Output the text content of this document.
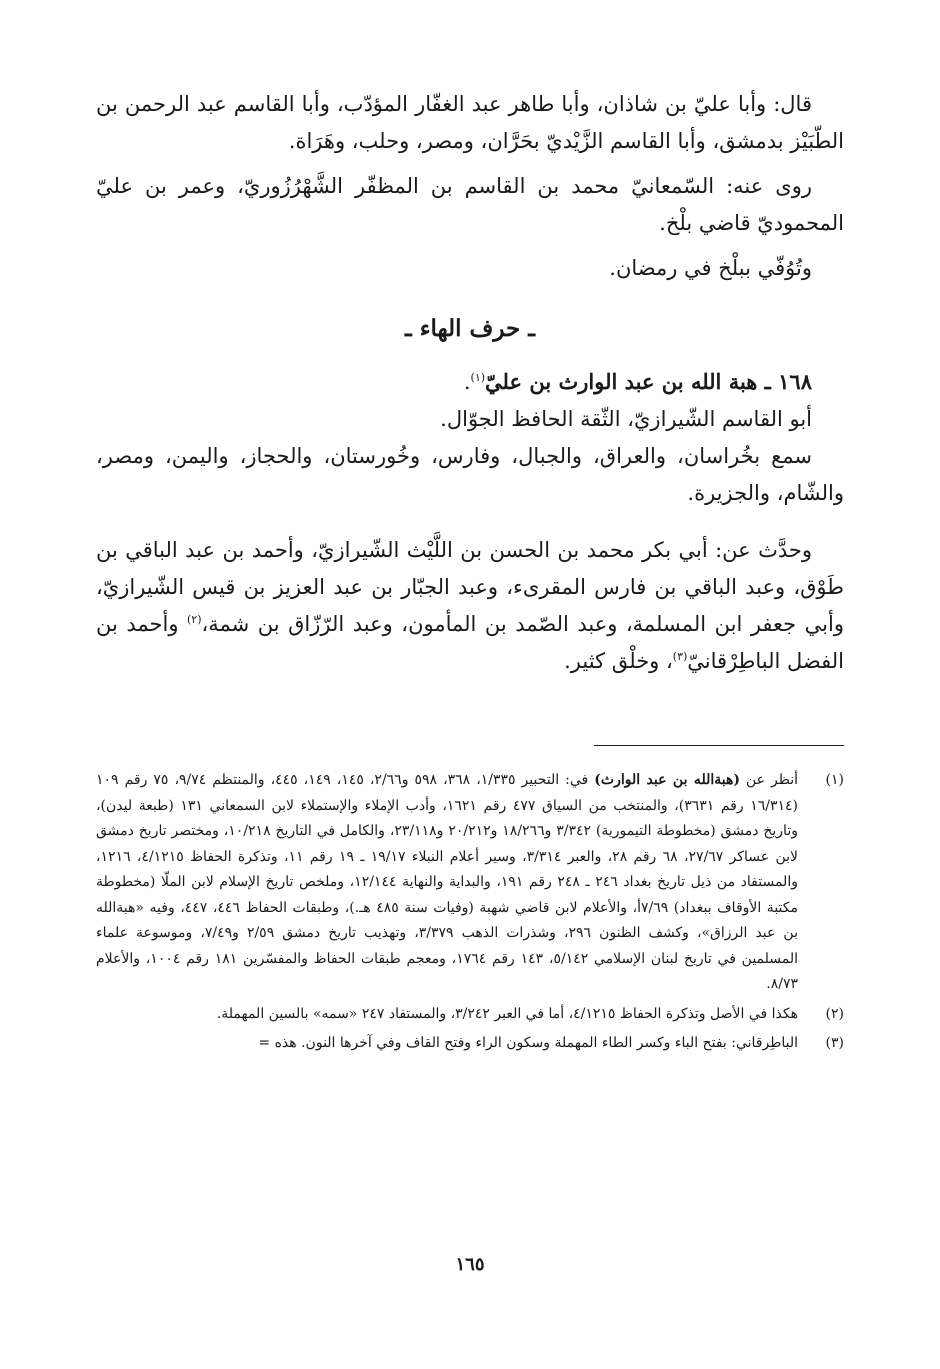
قال: وأبا عليّ بن شاذان، وأبا طاهر عبد الغفّار المؤدّب، وأبا القاسم عبد الرحمن بن الطّبَيْز بدمشق، وأبا القاسم الزَّيْديّ بحَرَّان، ومصر، وحلب، وهَرَاة.

روى عنه: السّمعانيّ محمد بن القاسم بن المظفّر الشَّهْرُزُوريّ، وعمر بن عليّ المحموديّ قاضي بلْخ.

وتُوُفّي ببلْخ في رمضان.

ـ حرف الهاء ـ

١٦٨ ـ هبة الله بن عبد الوارث بن عليّ$^{(١)}$.

أبو القاسم الشّيرازيّ، الثّقة الحافظ الجوّال.

سمع بخُراسان، والعراق، والجبال، وفارس، وخُورستان، والحجاز، واليمن، ومصر، والشّام، والجزيرة.

وحدَّث عن: أبي بكر محمد بن الحسن بن اللَّيْث الشّيرازيّ، وأحمد بن عبد الباقي بن طَوْق، وعبد الباقي بن فارس المقرىء، وعبد الجبّار بن عبد العزيز بن قيس الشّيرازيّ، وأبي جعفر ابن المسلمة، وعبد الصّمد بن المأمون، وعبد الرّزّاق بن شمة،$^{(٢)}$ وأحمد بن الفضل الباطِرْقانيّ$^{(٣)}$، وخلْق كثير.

(١)
أنظر عن (هبةالله بن عبد الوارث) في: التحبير ١/٣٣٥، ٣٦٨، ٥٩٨ و٢/٦٦، ١٤٥، ١٤٩، ٤٤٥، والمنتظم ٩/٧٤، ٧٥ رقم ١٠٩ (١٦/٣١٤ رقم ٣٦٣١)، والمنتخب من السياق ٤٧٧ رقم ١٦٢١، وأدب الإملاء والإستملاء لابن السمعاني ١٣١ (طبعة ليدن)، وتاريخ دمشق (مخطوطة التيمورية) ٣/٣٤٢ و١٨/٢٦٦ و٢٠/٢١٢ و٢٣/١١٨، والكامل في التاريخ ١٠/٢١٨، ومختصر تاريخ دمشق لابن عساكر ٢٧/٦٧، ٦٨ رقم ٢٨، والعبر ٣/٣١٤، وسير أعلام النبلاء ١٩/١٧ ـ ١٩ رقم ١١، وتذكرة الحفاظ ٤/١٢١٥، ١٢١٦، والمستفاد من ذيل تاريخ بغداد ٢٤٦ ـ ٢٤٨ رقم ١٩١، والبداية والنهاية ١٢/١٤٤، وملخص تاريخ الإسلام لابن الملّا (مخطوطة مكتبة الأوقاف ببغداد) ٧/٦٩أ، والأعلام لابن قاضي شهبة (وفيات سنة ٤٨٥ هـ.)، وطبقات الحفاظ ٤٤٦، ٤٤٧، وفيه «هبةالله بن عبد الرزاق»، وكشف الظنون ٢٩٦، وشذرات الذهب ٣/٣٧٩، وتهذيب تاريخ دمشق ٢/٥٩ و٧/٤٩، وموسوعة علماء المسلمين في تاريخ لبنان الإسلامي ٥/١٤٢، ١٤٣ رقم ١٧٦٤، ومعجم طبقات الحفاظ والمفسّرين ١٨١ رقم ١٠٠٤، والأعلام ٨/٧٣.
(٢)
هكذا في الأصل وتذكرة الحفاظ ٤/١٢١٥، أما في العبر ٣/٢٤٢، والمستفاد ٢٤٧ «سمه» بالسين المهملة.
(٣)
الباطِرقاني: بفتح الباء وكسر الطاء المهملة وسكون الراء وفتح القاف وفي آخرها النون. هذه =
١٦٥
